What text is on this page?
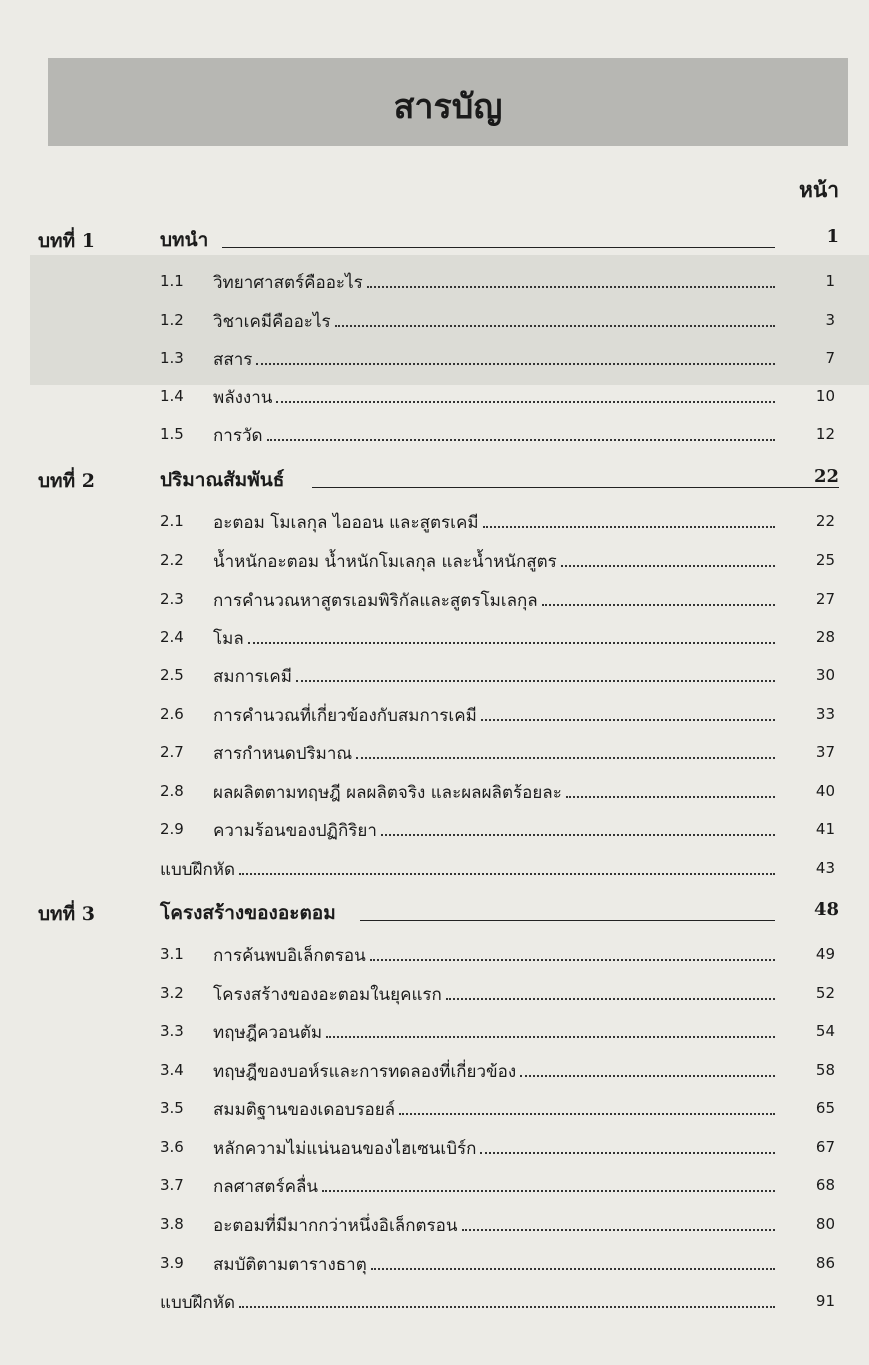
สารบัญ
หน้า
บทที่ 1	บทนำ	1
1.1 วิทยาศาสตร์คืออะไร	1
1.2 วิชาเคมีคืออะไร	3
1.3 สสาร	7
1.4 พลังงาน	10
1.5 การวัด	12
บทที่ 2	ปริมาณสัมพันธ์	22
2.1 อะตอม โมเลกุล ไอออน และสูตรเคมี	22
2.2 น้ำหนักอะตอม น้ำหนักโมเลกุล และน้ำหนักสูตร	25
2.3 การคำนวณหาสูตรเอมพิริกัลและสูตรโมเลกุล	27
2.4 โมล	28
2.5 สมการเคมี	30
2.6 การคำนวณที่เกี่ยวข้องกับสมการเคมี	33
2.7 สารกำหนดปริมาณ	37
2.8 ผลผลิตตามทฤษฎี ผลผลิตจริง และผลผลิตร้อยละ	40
2.9 ความร้อนของปฏิกิริยา	41
แบบฝึกหัด	43
บทที่ 3	โครงสร้างของอะตอม	48
3.1 การค้นพบอิเล็กตรอน	49
3.2 โครงสร้างของอะตอมในยุคแรก	52
3.3 ทฤษฎีควอนตัม	54
3.4 ทฤษฎีของบอห์รและการทดลองที่เกี่ยวข้อง	58
3.5 สมมติฐานของเดอบรอยล์	65
3.6 หลักความไม่แน่นอนของไฮเซนเบิร์ก	67
3.7 กลศาสตร์คลื่น	68
3.8 อะตอมที่มีมากกว่าหนึ่งอิเล็กตรอน	80
3.9 สมบัติตามตารางธาตุ	86
แบบฝึกหัด	91
